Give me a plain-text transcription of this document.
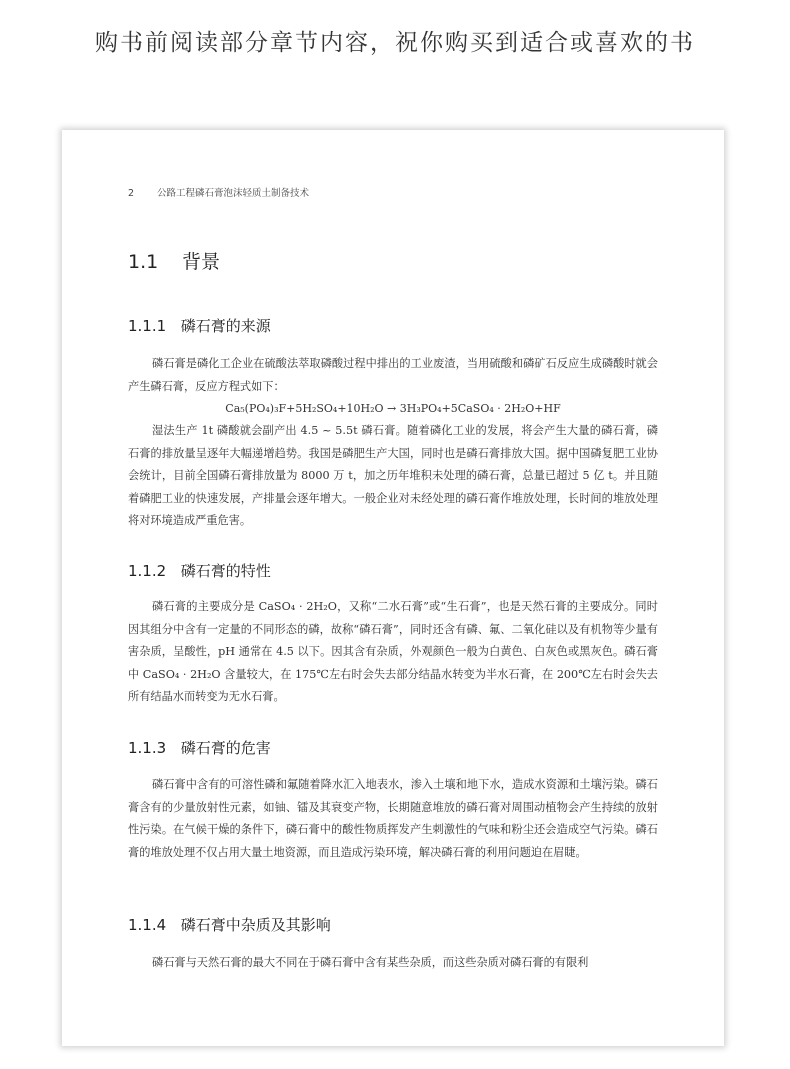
购书前阅读部分章节内容，祝你购买到适合或喜欢的书
2 公路工程磷石膏泡沫轻质土制备技术
1.1 背景
1.1.1 磷石膏的来源
磷石膏是磷化工企业在硫酸法萃取磷酸过程中排出的工业废渣，当用硫酸和磷矿石反应生成磷酸时就会产生磷石膏，反应方程式如下：
Ca₅(PO₄)₃F+5H₂SO₄+10H₂O → 3H₃PO₄+5CaSO₄ · 2H₂O+HF
湿法生产 1t 磷酸就会副产出 4.5 ~ 5.5t 磷石膏。随着磷化工业的发展，将会产生大量的磷石膏，磷石膏的排放量呈逐年大幅递增趋势。我国是磷肥生产大国，同时也是磷石膏排放大国。据中国磷复肥工业协会统计，目前全国磷石膏排放量为 8000 万 t，加之历年堆积未处理的磷石膏，总量已超过 5 亿 t。并且随着磷肥工业的快速发展，产排量会逐年增大。一般企业对未经处理的磷石膏作堆放处理，长时间的堆放处理将对环境造成严重危害。
1.1.2 磷石膏的特性
磷石膏的主要成分是 CaSO₄ · 2H₂O，又称“二水石膏”或“生石膏”，也是天然石膏的主要成分。同时因其组分中含有一定量的不同形态的磷，故称“磷石膏”，同时还含有磷、氟、二氧化硅以及有机物等少量有害杂质，呈酸性，pH 通常在 4.5 以下。因其含有杂质，外观颜色一般为白黄色、白灰色或黑灰色。磷石膏中 CaSO₄ · 2H₂O 含量较大，在 175℃左右时会失去部分结晶水转变为半水石膏，在 200℃左右时会失去所有结晶水而转变为无水石膏。
1.1.3 磷石膏的危害
磷石膏中含有的可溶性磷和氟随着降水汇入地表水，渗入土壤和地下水，造成水资源和土壤污染。磷石膏含有的少量放射性元素，如铀、镭及其衰变产物，长期随意堆放的磷石膏对周围动植物会产生持续的放射性污染。在气候干燥的条件下，磷石膏中的酸性物质挥发产生刺激性的气味和粉尘还会造成空气污染。磷石膏的堆放处理不仅占用大量土地资源，而且造成污染环境，解决磷石膏的利用问题迫在眉睫。
1.1.4 磷石膏中杂质及其影响
磷石膏与天然石膏的最大不同在于磷石膏中含有某些杂质，而这些杂质对磷石膏的有限利
